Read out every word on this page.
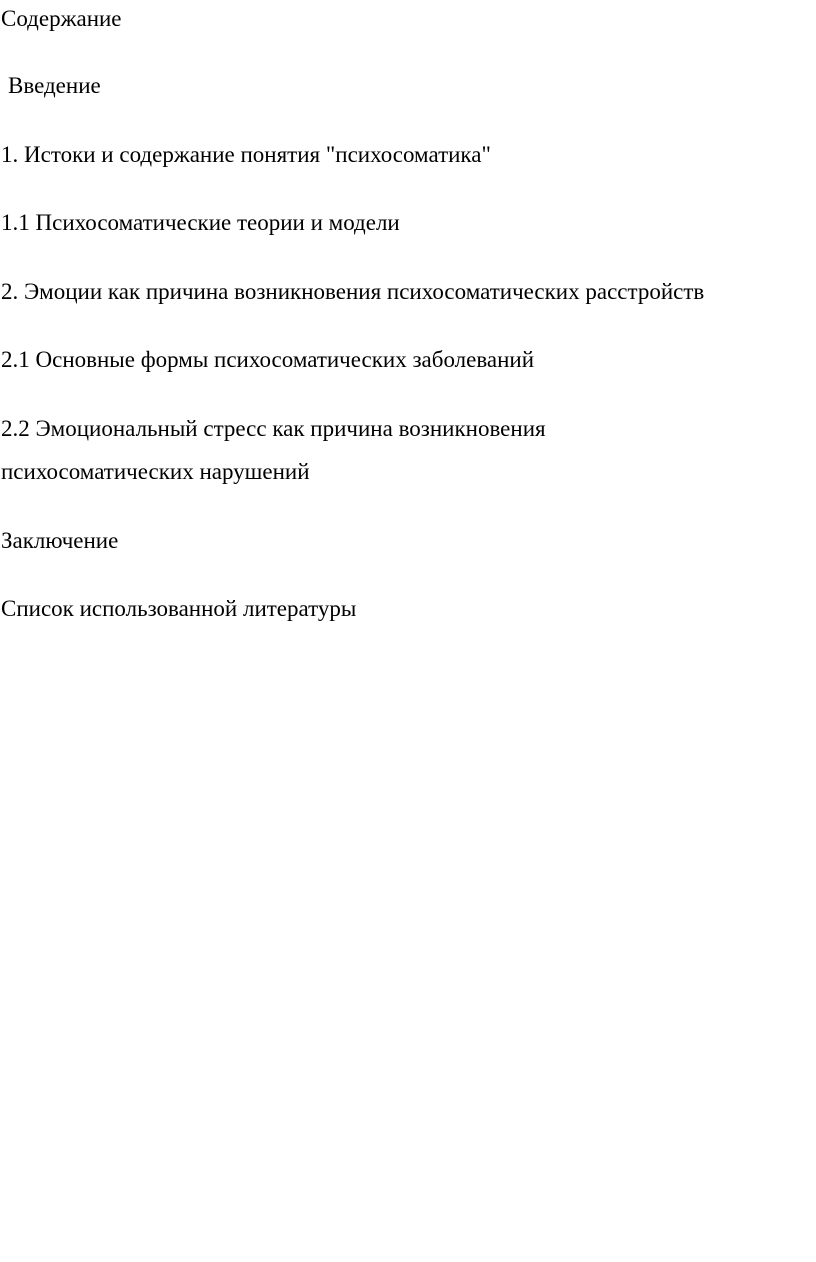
Содержание

Введение

1. Истоки и содержание понятия "психосоматика"

1.1 Психосоматические теории и модели

2. Эмоции как причина возникновения психосоматических расстройств

2.1 Основные формы психосоматических заболеваний

2.2 Эмоциональный стресс как причина возникновения

психосоматических нарушений

Заключение

Список использованной литературы
